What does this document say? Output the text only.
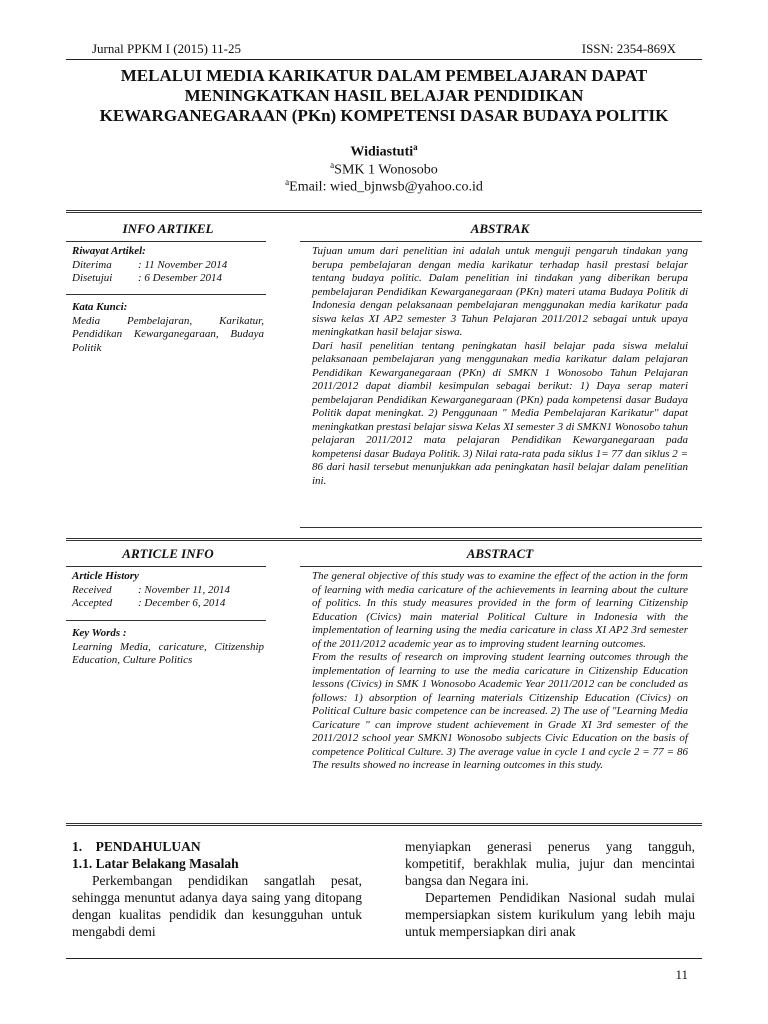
Jurnal PPKM I (2015) 11-25	ISSN: 2354-869X
MELALUI MEDIA KARIKATUR DALAM PEMBELAJARAN DAPAT
MENINGKATKAN HASIL BELAJAR PENDIDIKAN
KEWARGANEGARAAN (PKn) KOMPETENSI DASAR BUDAYA POLITIK
Widiastuti$^a$
$^a$SMK 1 Wonosobo
$^a$Email: wied_bjnwsb@yahoo.co.id
INFO ARTIKEL	ABSTRAK
Riwayat Artikel:
Diterima	: 11 November 2014
Disetujui	: 6 Desember 2014
Kata Kunci:
Media Pembelajaran, Karikatur, Pendidikan Kewarganegaraan, Budaya Politik

Tujuan umum dari penelitian ini adalah untuk menguji pengaruh tindakan yang berupa pembelajaran dengan media karikatur terhadap hasil prestasi belajar tentang budaya politic. Dalam penelitian ini tindakan yang diberikan berupa pembelajaran Pendidikan Kewarganegaraan (PKn) materi utama Budaya Politik di Indonesia dengan pelaksanaan pembelajaran menggunakan media karikatur pada siswa kelas XI AP2 semester 3 Tahun Pelajaran 2011/2012 sebagai untuk upaya meningkatkan hasil belajar siswa.

Dari hasil penelitian tentang peningkatan hasil belajar pada siswa melalui pelaksanaan pembelajaran yang menggunakan media karikatur dalam pelajaran Pendidikan Kewarganegaraan (PKn) di SMKN 1 Wonosobo Tahun Pelajaran 2011/2012 dapat diambil kesimpulan sebagai berikut: 1) Daya serap materi pembelajaran Pendidikan Kewarganegaraan (PKn) pada kompetensi dasar Budaya Politik dapat meningkat. 2) Penggunaan " Media Pembelajaran Karikatur'' dapat meningkatkan prestasi belajar siswa Kelas XI semester 3 di SMKN1 Wonosobo tahun pelajaran 2011/2012 mata pelajaran Pendidikan Kewarganegaraan pada kompetensi dasar Budaya Politik. 3) Nilai rata-rata pada siklus 1= 77 dan siklus 2 = 86 dari hasil tersebut menunjukkan ada peningkatan hasil belajar dalam penelitian ini.

ARTICLE INFO	ABSTRACT
Article History
Received	: November 11, 2014
Accepted	: December 6, 2014
Key Words :
Learning Media, caricature, Citizenship Education, Culture Politics

The general objective of this study was to examine the effect of the action in the form of learning with media caricature of the achievements in learning about the culture of politics. In this study measures provided in the form of learning Citizenship Education (Civics) main material Political Culture in Indonesia with the implementation of learning using the media caricature in class XI AP2 3rd semester of the 2011/2012 academic year as to improving student learning outcomes.

From the results of research on improving student learning outcomes through the implementation of learning to use the media caricature in Citizenship Education lessons (Civics) in SMK 1 Wonosobo Academic Year 2011/2012 can be concluded as follows: 1) absorption of learning materials Citizenship Education (Civics) on Political Culture basic competence can be increased. 2) The use of "Learning Media Caricature " can improve student achievement in Grade XI 3rd semester of the 2011/2012 school year SMKN1 Wonosobo subjects Civic Education on the basis of competence Political Culture. 3) The average value in cycle 1 and cycle 2 = 77 = 86 The results showed no increase in learning outcomes in this study.

1.    PENDAHULUAN
1.1. Latar Belakang Masalah

Perkembangan pendidikan sangatlah pesat, sehingga menuntut adanya daya saing yang ditopang dengan kualitas pendidik dan kesungguhan untuk mengabdi demi

menyiapkan generasi penerus yang tangguh, kompetitif, berakhlak mulia, jujur dan mencintai bangsa dan Negara ini.

Departemen Pendidikan Nasional sudah mulai mempersiapkan sistem kurikulum yang lebih maju untuk mempersiapkan diri anak

11
